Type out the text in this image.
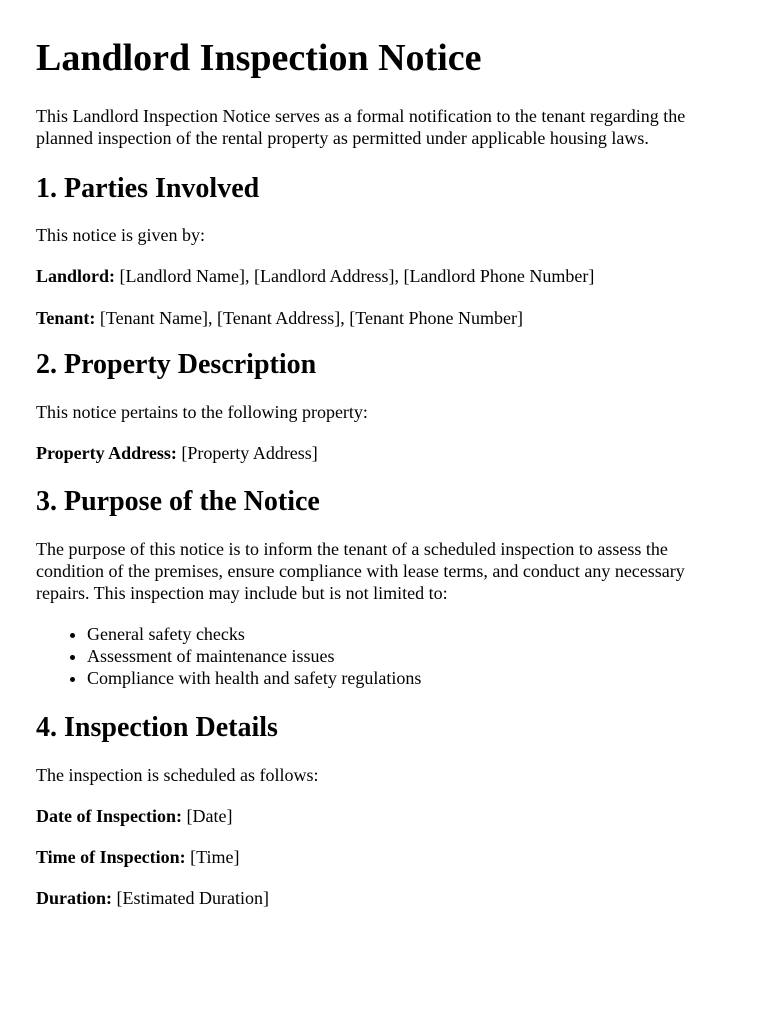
Landlord Inspection Notice

This Landlord Inspection Notice serves as a formal notification to the tenant regarding the planned inspection of the rental property as permitted under applicable housing laws.

1. Parties Involved

This notice is given by:

Landlord: [Landlord Name], [Landlord Address], [Landlord Phone Number]

Tenant: [Tenant Name], [Tenant Address], [Tenant Phone Number]

2. Property Description

This notice pertains to the following property:

Property Address: [Property Address]

3. Purpose of the Notice

The purpose of this notice is to inform the tenant of a scheduled inspection to assess the condition of the premises, ensure compliance with lease terms, and conduct any necessary repairs. This inspection may include but is not limited to:

• General safety checks
• Assessment of maintenance issues
• Compliance with health and safety regulations
4. Inspection Details

The inspection is scheduled as follows:

Date of Inspection: [Date]

Time of Inspection: [Time]

Duration: [Estimated Duration]
